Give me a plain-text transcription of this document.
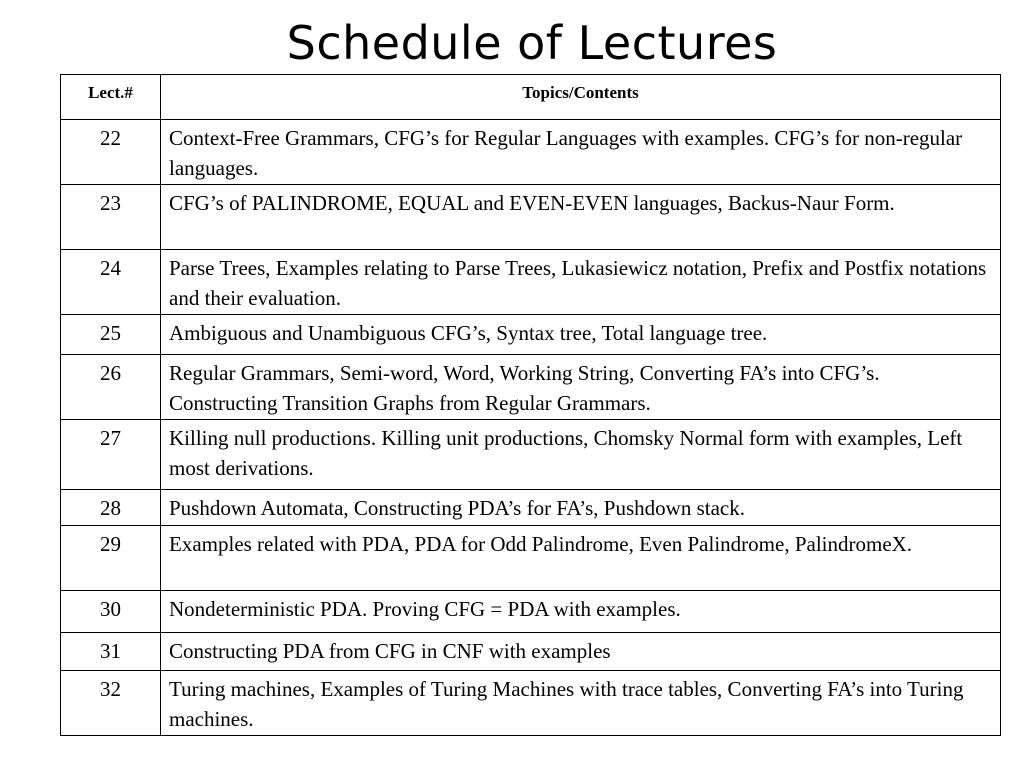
Schedule of Lectures
Lect.#	Topics/Contents
22	Context-Free Grammars, CFG’s for Regular Languages with examples. CFG’s for non-regular languages.
23	CFG’s of PALINDROME, EQUAL and EVEN-EVEN languages, Backus-Naur Form.
24	Parse Trees, Examples relating to Parse Trees, Lukasiewicz notation, Prefix and Postfix notations and their evaluation.
25	Ambiguous and Unambiguous CFG’s, Syntax tree, Total language tree.
26	Regular Grammars, Semi-word, Word, Working String, Converting FA’s into CFG’s. Constructing Transition Graphs from Regular Grammars.
27	Killing null productions. Killing unit productions, Chomsky Normal form with examples, Left most derivations.
28	Pushdown Automata, Constructing PDA’s for FA’s, Pushdown stack.
29	Examples related with PDA, PDA for Odd Palindrome, Even Palindrome, PalindromeX.
30	Nondeterministic PDA. Proving CFG = PDA with examples.
31	Constructing PDA from CFG in CNF with examples
32	Turing machines, Examples of Turing Machines with trace tables, Converting FA’s into Turing machines.
